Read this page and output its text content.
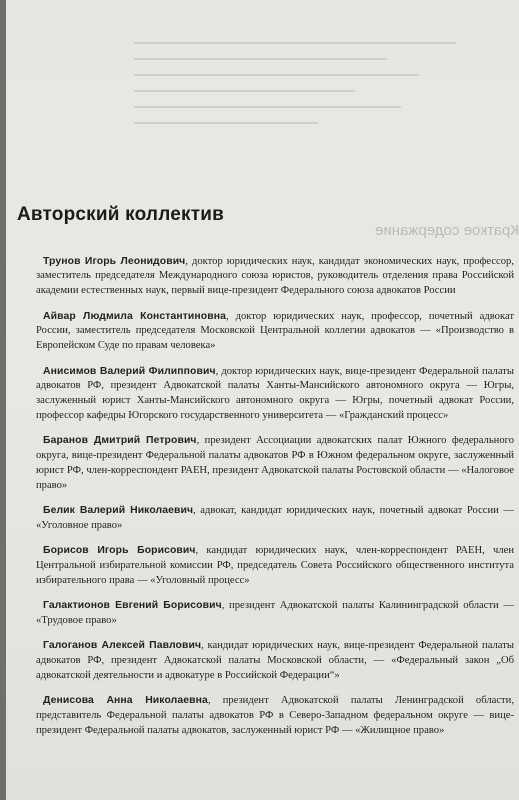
Краткое содержание
Авторский коллектив

Трунов Игорь Леонидович, доктор юридических наук, кандидат экономических наук, профессор, заместитель председателя Международного союза юристов, руководитель отделения права Российской академии естественных наук, первый вице-президент Федерального союза адвокатов России

Айвар Людмила Константиновна, доктор юридических наук, профессор, почетный адвокат России, заместитель председателя Московской Центральной коллегии адвокатов — «Производство в Европейском Суде по правам человека»

Анисимов Валерий Филиппович, доктор юридических наук, вице-президент Федеральной палаты адвокатов РФ, президент Адвокатской палаты Ханты-Мансийского автономного округа — Югры, заслуженный юрист Ханты-Мансийского автономного округа — Югры, почетный адвокат России, профессор кафедры Югорского государственного университета — «Гражданский процесс»

Баранов Дмитрий Петрович, президент Ассоциации адвокатских палат Южного федерального округа, вице-президент Федеральной палаты адвокатов РФ в Южном федеральном округе, заслуженный юрист РФ, член-корреспондент РАЕН, президент Адвокатской палаты Ростовской области — «Налоговое право»

Белик Валерий Николаевич, адвокат, кандидат юридических наук, почетный адвокат России — «Уголовное право»

Борисов Игорь Борисович, кандидат юридических наук, член-корреспондент РАЕН, член Центральной избирательной комиссии РФ, председатель Совета Российского общественного института избирательного права — «Уголовный процесс»

Галактионов Евгений Борисович, президент Адвокатской палаты Калининградской области — «Трудовое право»

Галоганов Алексей Павлович, кандидат юридических наук, вице-президент Федеральной палаты адвокатов РФ, президент Адвокатской палаты Московской области, — «Федеральный закон „Об адвокатской деятельности и адвокатуре в Российской Федерации“»

Денисова Анна Николаевна, президент Адвокатской палаты Ленинградской области, представитель Федеральной палаты адвокатов РФ в Северо-Западном федеральном округе — вице-президент Федеральной палаты адвокатов, заслуженный юрист РФ — «Жилищное право»
